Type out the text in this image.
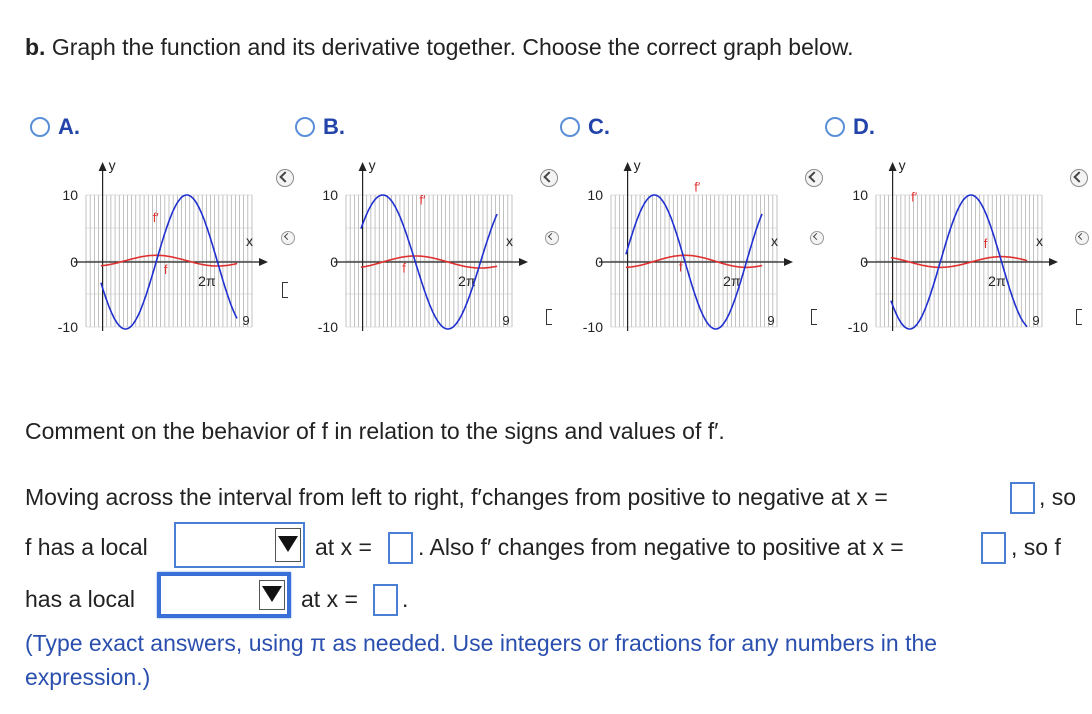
b. Graph the function and its derivative together. Choose the correct graph below.
A.	B.	C.	D.
y
x
10
0
-10
2π
9
f
f′
y
x
10
0
-10
2π
9
f
f′
y
x
10
0
-10
2π
9
f
f′
y
x
10
0
-10
2π
9
f
f′
Comment on the behavior of f in relation to the signs and values of f′.
Moving across the interval from left to right, f′changes from positive to negative at x =	, so
f has a local	at x = . Also f′ changes from negative to positive at x =	, so f
has a local	at x = .
(Type exact answers, using π as needed. Use integers or fractions for any numbers in the expression.)
